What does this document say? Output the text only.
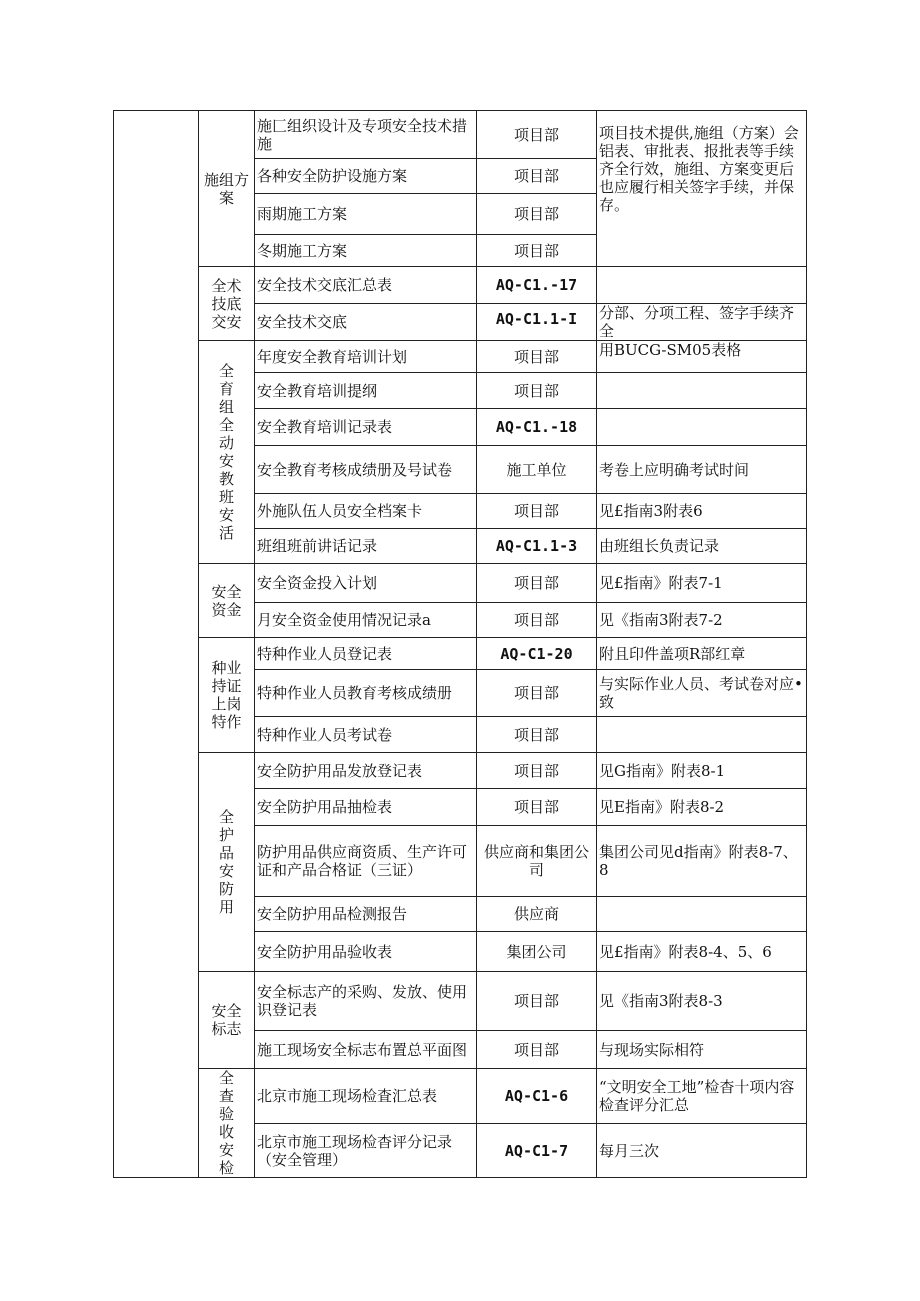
	施组方案	施匚组织设计及专项安全技术措施	项目部	项目技术提供,施组（方案）会铝表、审批表、报批表等手续齐全行效，施组、方案变更后也应履行相关签字手续，并保存。
		各种安全防护设施方案	项目部	
		雨期施工方案	项目部	
		冬期施工方案	项目部	
	全术技底交安	安全技术交底汇总表	AQ-C1.-17	
		安全技术交底	AQ-C1.1-I	分部、分项工程、签字手续齐全
	全育组全动安教班安活	年度安全教育培训计划	项目部	用BUCG-SM05表格
		安全教育培训提纲	项目部	
		安全教育培训记录表	AQ-C1.-18	
		安全教育考核成绩册及号试卷	施工单位	考卷上应明确考试时间
		外施队伍人员安全档案卡	项目部	见£指南3附表6
		班组班前讲话记录	AQ-C1.1-3	由班组长负责记录
	安全资金	安全资金投入计划	项目部	见£指南》附表7-1
		月安全资金使用情况记录a	项目部	见《指南3附表7-2
	种业持证上岗特作	特种作业人员登记表	AQ-C1-20	附且印件盖项R部红章
		特种作业人员教育考核成绩册	项目部	与实际作业人员、考试卷对应•致
		特种作业人员考试卷	项目部	
	全护品安防用	安全防护用品发放登记表	项目部	见G指南》附表8-1
		安全防护用品抽检表	项目部	见E指南》附表8-2
		防护用品供应商资质、生产许可证和产品合格证（三证）	供应商和集团公司	集团公司见d指南》附表8-7、8
		安全防护用品检测报告	供应商	
		安全防护用品验收表	集团公司	见£指南》附表8-4、5、6
	安全标志	安全标志产的采购、发放、使用识登记表	项目部	见《指南3附表8-3
		施工现场安全标志布置总平面图	项目部	与现场实际相符
	全查验收安检	北京市施工现场检査汇总表	AQ-C1-6	“文明安全工地”检杳十项内容检查评分汇总
		北京市施工现场检杳评分记录（安全管理）	AQ-C1-7	每月三次
